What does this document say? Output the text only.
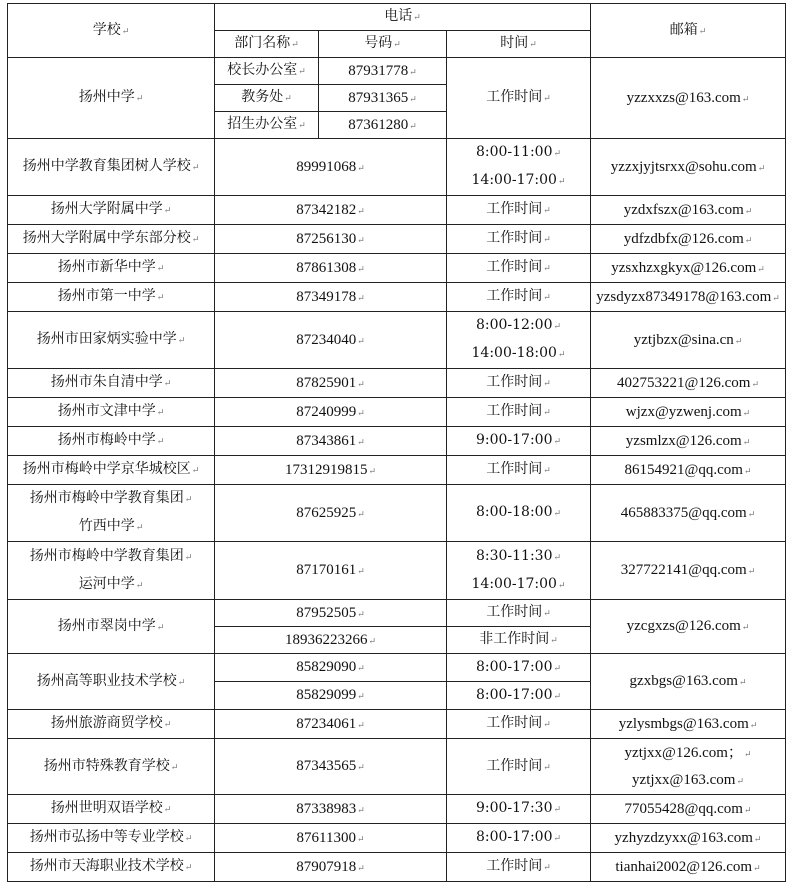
学校↵	电话↵			邮箱↵
	部门名称↵	号码↵	时间↵	
扬州中学↵	校长办公室↵	87931778↵	工作时间↵	yzzxxzs@163.com↵
	教务处↵	87931365↵		
	招生办公室↵	87361280↵		

扬州中学教育集团树人学校↵	89991068↵		8:00-11:00↵
14:00-17:00↵	yzzxjyjtsrxx@sohu.com↵

扬州大学附属中学↵	87342182↵		工作时间↵	yzdxfszx@163.com↵

扬州大学附属中学东部分校↵	87256130↵		工作时间↵	ydfzdbfx@126.com↵

扬州市新华中学↵	87861308↵		工作时间↵	yzsxhzxgkyx@126.com↵

扬州市第一中学↵	87349178↵		工作时间↵	yzsdyzx87349178@163.com↵

扬州市田家炳实验中学↵	87234040↵		8:00-12:00↵
14:00-18:00↵	yztjbzx@sina.cn↵

扬州市朱自清中学↵	87825901↵		工作时间↵	402753221@126.com↵

扬州市文津中学↵	87240999↵		工作时间↵	wjzx@yzwenj.com↵

扬州市梅岭中学↵	87343861↵		9:00-17:00↵	yzsmlzx@126.com↵

扬州市梅岭中学京华城校区↵	17312919815↵		工作时间↵	86154921@qq.com↵

扬州市梅岭中学教育集团↵
竹西中学↵	87625925↵		8:00-18:00↵	465883375@qq.com↵

扬州市梅岭中学教育集团↵
运河中学↵	87170161↵		8:30-11:30↵
14:00-17:00↵	327722141@qq.com↵

扬州市翠岗中学↵	87952505↵		工作时间↵	yzcgxzs@126.com↵
	18936223266↵		非工作时间↵	
扬州高等职业技术学校↵	85829090↵		8:00-17:00↵	gzxbgs@163.com↵
	85829099↵		8:00-17:00↵	

扬州旅游商贸学校↵	87234061↵		工作时间↵	yzlysmbgs@163.com↵

扬州市特殊教育学校↵	87343565↵		工作时间↵	yztjxx@126.com；↵
yztjxx@163.com↵

扬州世明双语学校↵	87338983↵		9:00-17:30↵	77055428@qq.com↵

扬州市弘扬中等专业学校↵	87611300↵		8:00-17:00↵	yzhyzdzyxx@163.com↵

扬州市天海职业技术学校↵	87907918↵		工作时间↵	tianhai2002@126.com↵
